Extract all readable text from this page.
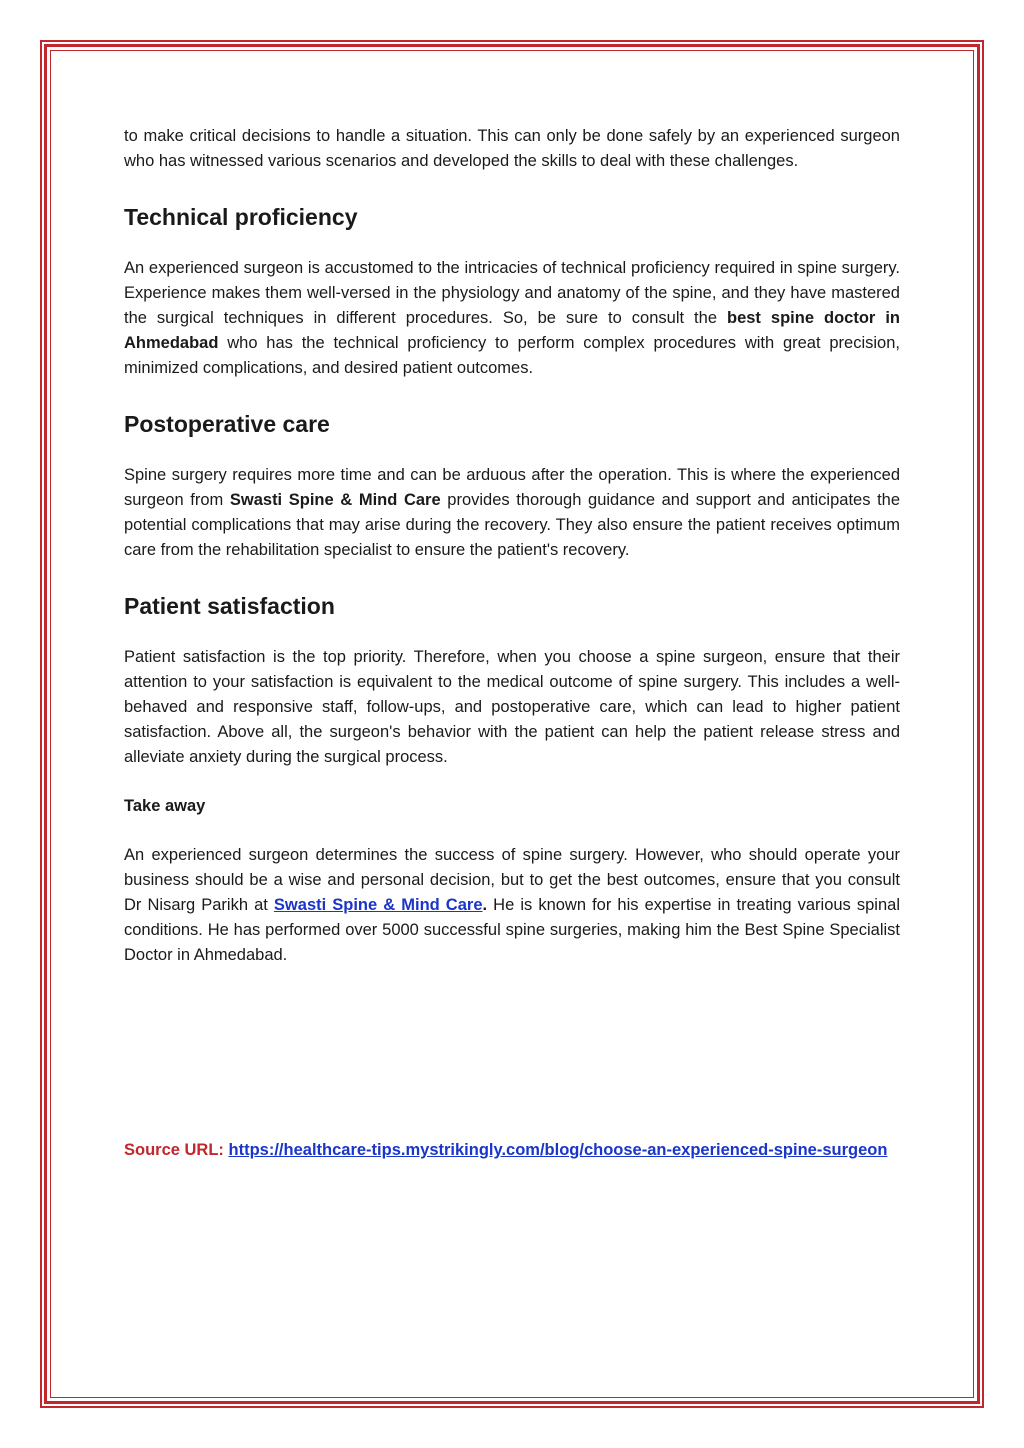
to make critical decisions to handle a situation. This can only be done safely by an experienced surgeon who has witnessed various scenarios and developed the skills to deal with these challenges.

Technical proficiency

An experienced surgeon is accustomed to the intricacies of technical proficiency required in spine surgery. Experience makes them well-versed in the physiology and anatomy of the spine, and they have mastered the surgical techniques in different procedures. So, be sure to consult the best spine doctor in Ahmedabad who has the technical proficiency to perform complex procedures with great precision, minimized complications, and desired patient outcomes.

Postoperative care

Spine surgery requires more time and can be arduous after the operation. This is where the experienced surgeon from Swasti Spine & Mind Care provides thorough guidance and support and anticipates the potential complications that may arise during the recovery. They also ensure the patient receives optimum care from the rehabilitation specialist to ensure the patient's recovery.

Patient satisfaction

Patient satisfaction is the top priority. Therefore, when you choose a spine surgeon, ensure that their attention to your satisfaction is equivalent to the medical outcome of spine surgery. This includes a well-behaved and responsive staff, follow-ups, and postoperative care, which can lead to higher patient satisfaction. Above all, the surgeon's behavior with the patient can help the patient release stress and alleviate anxiety during the surgical process.

Take away

An experienced surgeon determines the success of spine surgery. However, who should operate your business should be a wise and personal decision, but to get the best outcomes, ensure that you consult Dr Nisarg Parikh at Swasti Spine & Mind Care. He is known for his expertise in treating various spinal conditions. He has performed over 5000 successful spine surgeries, making him the Best Spine Specialist Doctor in Ahmedabad.

Source URL: https://healthcare-tips.mystrikingly.com/blog/choose-an-experienced-spine-surgeon
